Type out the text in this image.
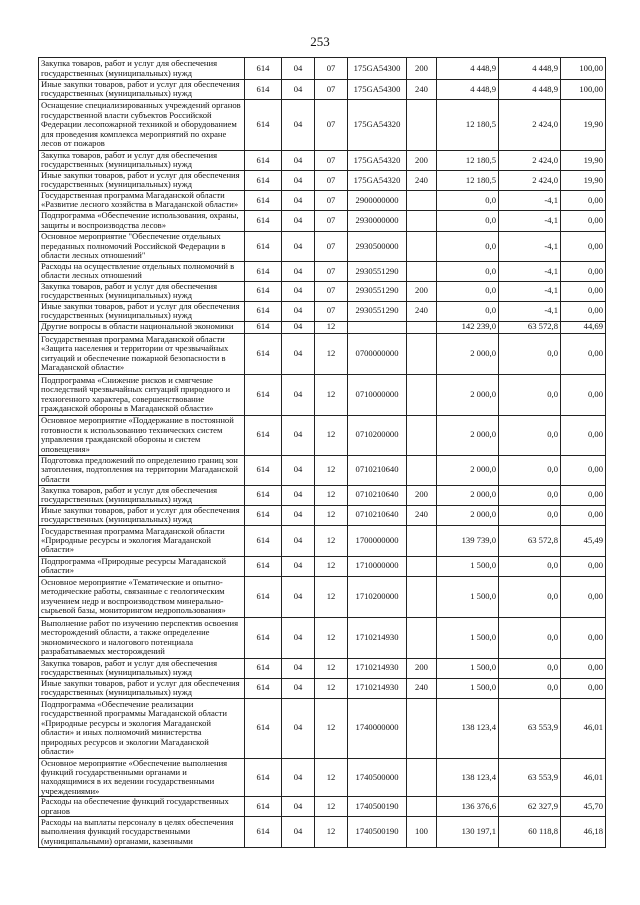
253
Закупка товаров, работ и услуг для обеспечения государственных (муниципальных) нужд	614	04	07	175GA54300	200	4 448,9	4 448,9	100,00
Иные закупки товаров, работ и услуг для обеспечения государственных (муниципальных) нужд	614	04	07	175GA54300	240	4 448,9	4 448,9	100,00
Оснащение специализированных учреждений органов государственной власти субъектов Российской Федерации лесопожарной техникой и оборудованием для проведения комплекса мероприятий по охране лесов от пожаров	614	04	07	175GA54320		12 180,5	2 424,0	19,90
Закупка товаров, работ и услуг для обеспечения государственных (муниципальных) нужд	614	04	07	175GA54320	200	12 180,5	2 424,0	19,90
Иные закупки товаров, работ и услуг для обеспечения государственных (муниципальных) нужд	614	04	07	175GA54320	240	12 180,5	2 424,0	19,90
Государственная программа Магаданской области «Развитие лесного хозяйства в Магаданской области»	614	04	07	2900000000		0,0	-4,1	0,00
Подпрограмма «Обеспечение использования, охраны, защиты и воспроизводства лесов»	614	04	07	2930000000		0,0	-4,1	0,00
Основное мероприятие "Обеспечение отдельных переданных полномочий Российской Федерации в области лесных отношений"	614	04	07	2930500000		0,0	-4,1	0,00
Расходы на осуществление отдельных полномочий в области лесных отношений	614	04	07	2930551290		0,0	-4,1	0,00
Закупка товаров, работ и услуг для обеспечения государственных (муниципальных) нужд	614	04	07	2930551290	200	0,0	-4,1	0,00
Иные закупки товаров, работ и услуг для обеспечения государственных (муниципальных) нужд	614	04	07	2930551290	240	0,0	-4,1	0,00
Другие вопросы в области национальной экономики	614	04	12			142 239,0	63 572,8	44,69
Государственная программа Магаданской области «Защита населения и территории от чрезвычайных ситуаций и обеспечение пожарной безопасности в Магаданской области»	614	04	12	0700000000		2 000,0	0,0	0,00
Подпрограмма «Снижение рисков и смягчение последствий чрезвычайных ситуаций природного и техногенного характера, совершенствование гражданской обороны в Магаданской области»	614	04	12	0710000000		2 000,0	0,0	0,00
Основное мероприятие «Поддержание в постоянной готовности к использованию технических систем управления гражданской обороны и систем оповещения»	614	04	12	0710200000		2 000,0	0,0	0,00
Подготовка предложений по определению границ зон затопления, подтопления на территории Магаданской области	614	04	12	0710210640		2 000,0	0,0	0,00
Закупка товаров, работ и услуг для обеспечения государственных (муниципальных) нужд	614	04	12	0710210640	200	2 000,0	0,0	0,00
Иные закупки товаров, работ и услуг для обеспечения государственных (муниципальных) нужд	614	04	12	0710210640	240	2 000,0	0,0	0,00
Государственная программа Магаданской области «Природные ресурсы и экология Магаданской области»	614	04	12	1700000000		139 739,0	63 572,8	45,49
Подпрограмма «Природные ресурсы Магаданской области»	614	04	12	1710000000		1 500,0	0,0	0,00
Основное мероприятие «Тематические и опытно-методические работы, связанные с геологическим изучением недр и воспроизводством минерально-сырьевой базы, мониторингом недропользования»	614	04	12	1710200000		1 500,0	0,0	0,00
Выполнение работ по изучению перспектив освоения месторождений области, а также определение экономического и налогового потенциала разрабатываемых месторождений	614	04	12	1710214930		1 500,0	0,0	0,00
Закупка товаров, работ и услуг для обеспечения государственных (муниципальных) нужд	614	04	12	1710214930	200	1 500,0	0,0	0,00
Иные закупки товаров, работ и услуг для обеспечения государственных (муниципальных) нужд	614	04	12	1710214930	240	1 500,0	0,0	0,00
Подпрограмма «Обеспечение реализации государственной программы Магаданской области «Природные ресурсы и экология Магаданской области» и иных полномочий министерства природных ресурсов и экологии Магаданской области»	614	04	12	1740000000		138 123,4	63 553,9	46,01
Основное мероприятие «Обеспечение выполнения функций государственными органами и находящимися в их ведении государственными учреждениями»	614	04	12	1740500000		138 123,4	63 553,9	46,01
Расходы на обеспечение функций государственных органов	614	04	12	1740500190		136 376,6	62 327,9	45,70
Расходы на выплаты персоналу в целях обеспечения выполнения функций государственными (муниципальными) органами, казенными	614	04	12	1740500190	100	130 197,1	60 118,8	46,18
